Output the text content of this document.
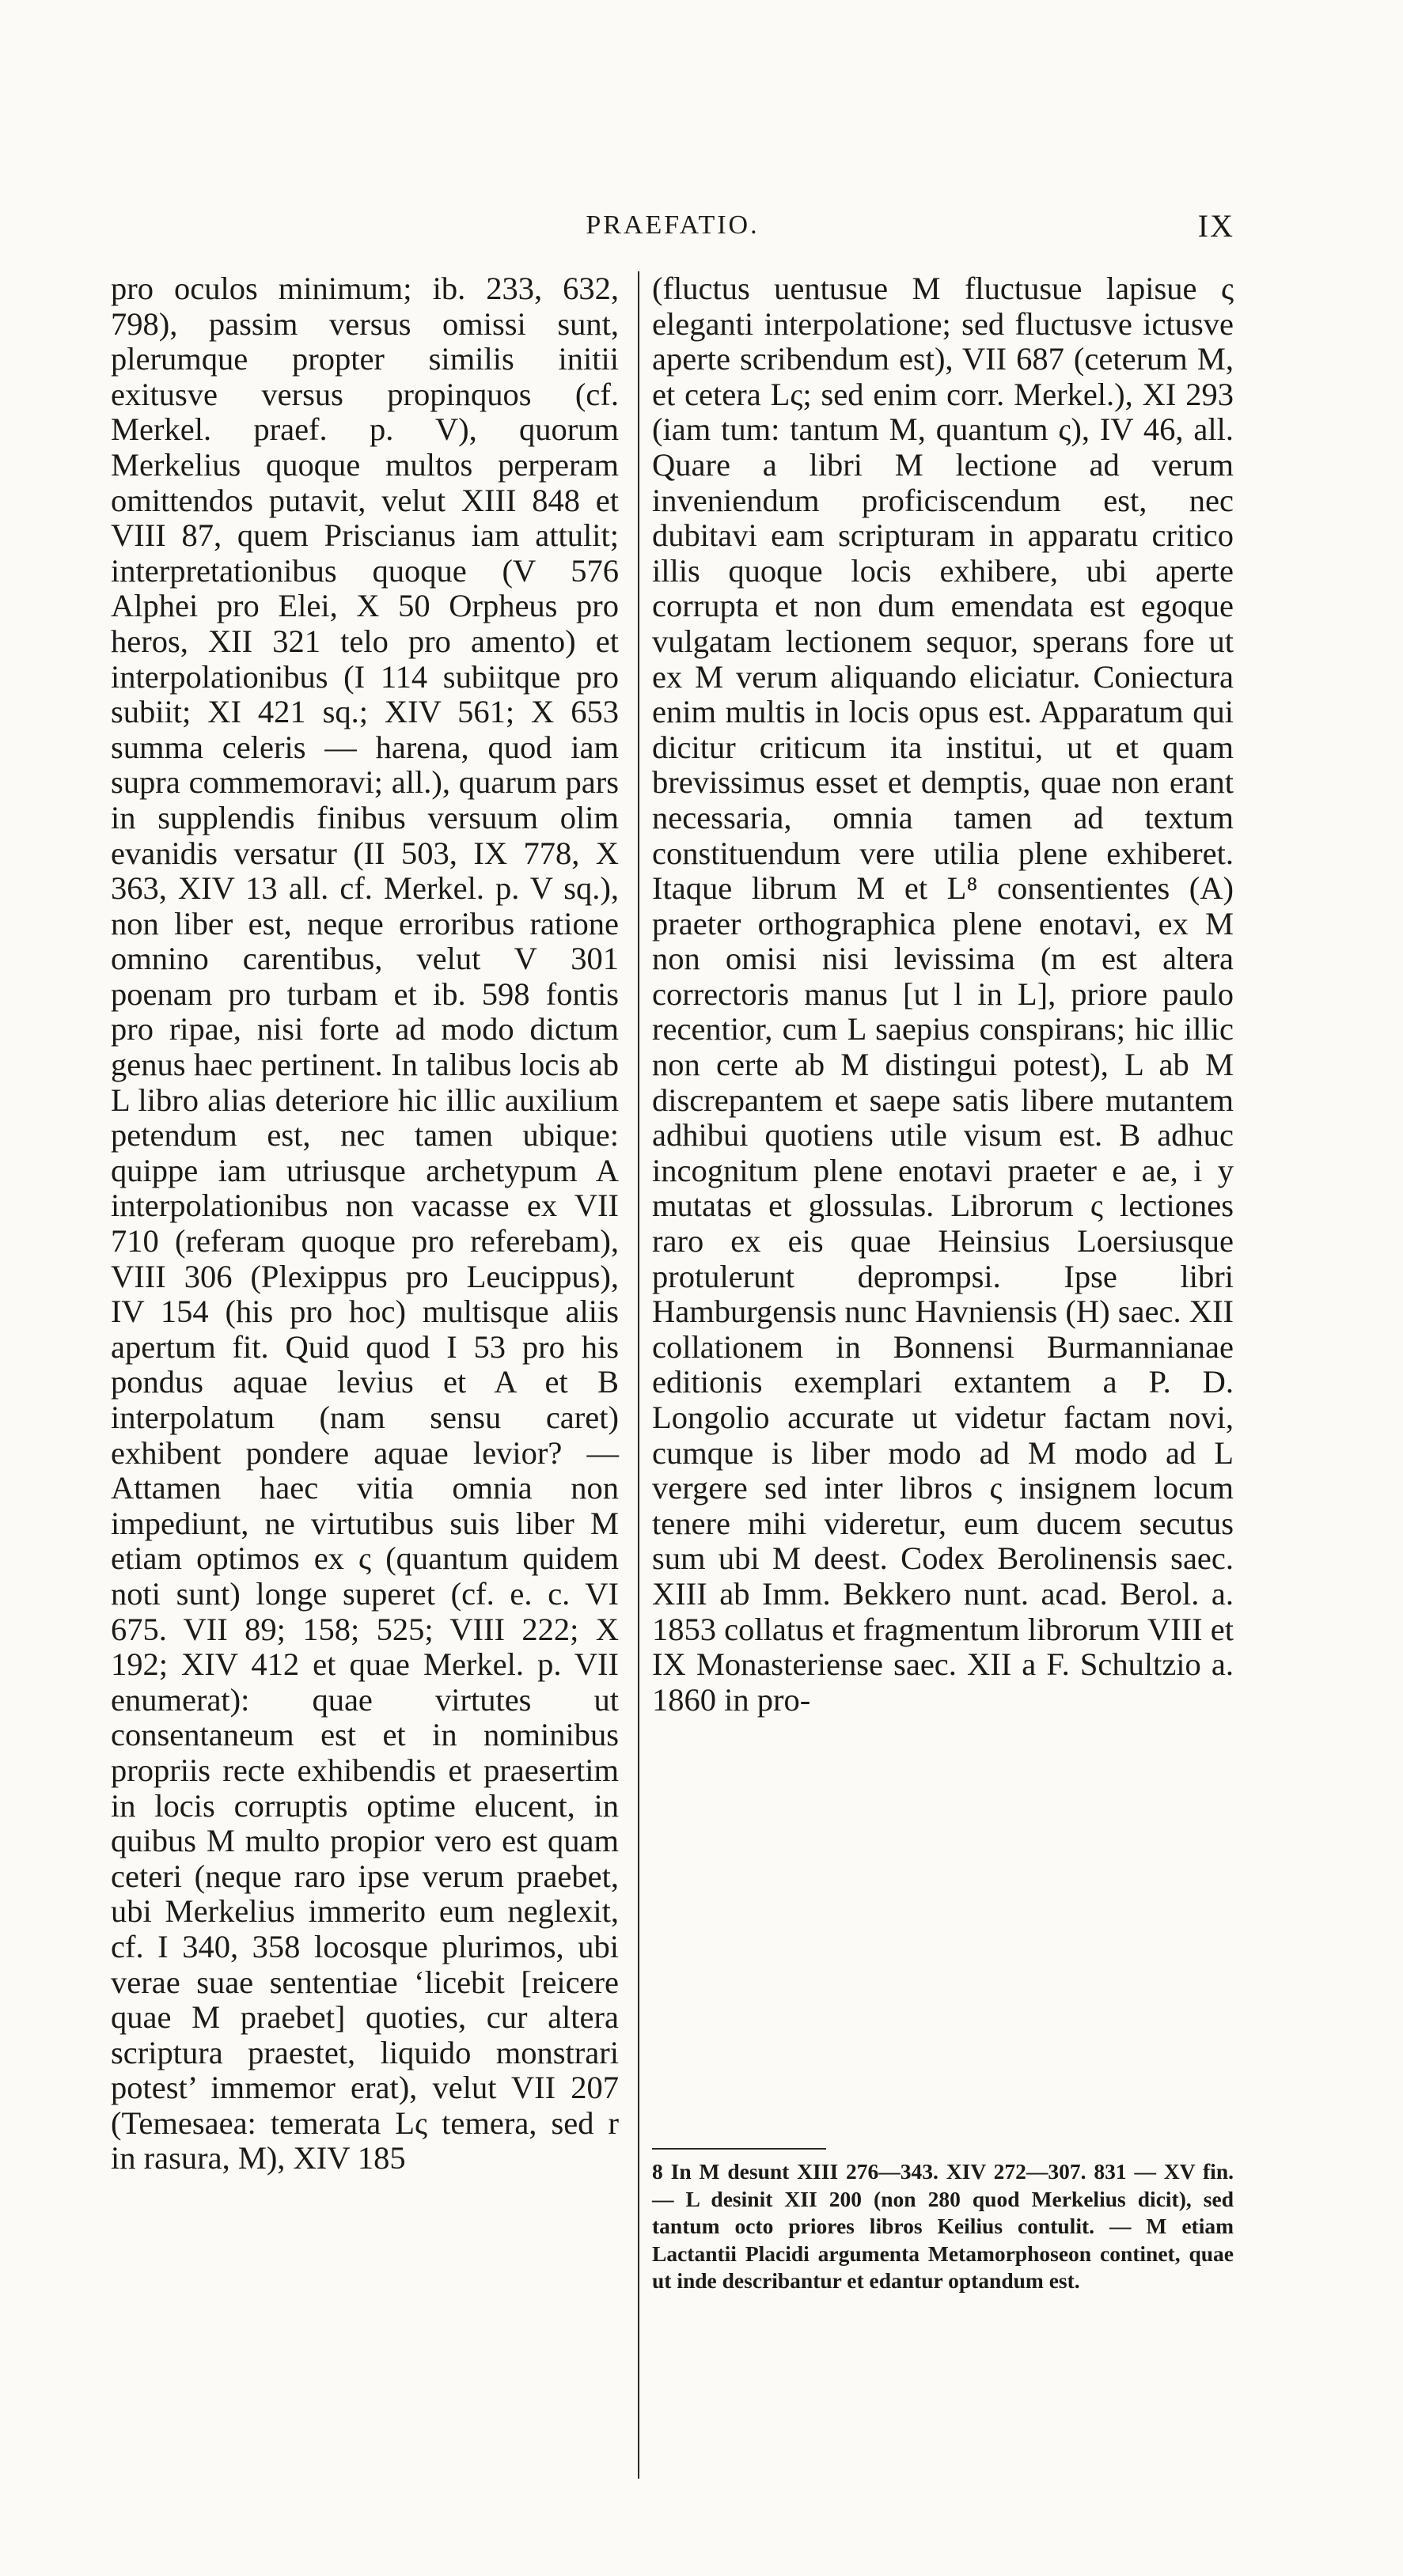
PRAEFATIO.	IX

pro oculos minimum; ib. 233, 632, 798), passim versus omissi sunt, plerumque propter similis initii exitusve versus propinquos (cf. Merkel. praef. p. V), quorum Merkelius quoque multos perperam omittendos putavit, velut XIII 848 et VIII 87, quem Priscianus iam attulit; interpretationibus quoque (V 576 Alphei pro Elei, X 50 Orpheus pro heros, XII 321 telo pro amento) et interpolationibus (I 114 subiitque pro subiit; XI 421 sq.; XIV 561; X 653 summa celeris — harena, quod iam supra commemoravi; all.), quarum pars in supplendis finibus versuum olim evanidis versatur (II 503, IX 778, X 363, XIV 13 all. cf. Merkel. p. V sq.), non liber est, neque erroribus ratione omnino carentibus, velut V 301 poenam pro turbam et ib. 598 fontis pro ripae, nisi forte ad modo dictum genus haec pertinent. In talibus locis ab L libro alias deteriore hic illic auxilium petendum est, nec tamen ubique: quippe iam utriusque archetypum A interpolationibus non vacasse ex VII 710 (referam quoque pro referebam), VIII 306 (Plexippus pro Leucippus), IV 154 (his pro hoc) multisque aliis apertum fit. Quid quod I 53 pro his pondus aquae levius et A et B interpolatum (nam sensu caret) exhibent pondere aquae levior? — Attamen haec vitia omnia non impediunt, ne virtutibus suis liber M etiam optimos ex ς (quantum quidem noti sunt) longe superet (cf. e. c. VI 675. VII 89; 158; 525; VIII 222; X 192; XIV 412 et quae Merkel. p. VII enumerat): quae virtutes ut consentaneum est et in nominibus propriis recte exhibendis et praesertim in locis corruptis optime elucent, in quibus M multo propior vero est quam ceteri (neque raro ipse verum praebet, ubi Merkelius immerito eum neglexit, cf. I 340, 358 locosque plurimos, ubi verae suae sententiae ‘licebit [reicere quae M praebet] quoties, cur altera scriptura praestet, liquido monstrari potest’ immemor erat), velut VII 207 (Temesaea: temerata Lς temera, sed r in rasura, M), XIV 185

(fluctus uentusue M fluctusue lapisue ς eleganti interpolatione; sed fluctusve ictusve aperte scribendum est), VII 687 (ceterum M, et cetera Lς; sed enim corr. Merkel.), XI 293 (iam tum: tantum M, quantum ς), IV 46, all. Quare a libri M lectione ad verum inveniendum proficiscendum est, nec dubitavi eam scripturam in apparatu critico illis quoque locis exhibere, ubi aperte corrupta et non dum emendata est egoque vulgatam lectionem sequor, sperans fore ut ex M verum aliquando eliciatur. Coniectura enim multis in locis opus est. Apparatum qui dicitur criticum ita institui, ut et quam brevissimus esset et demptis, quae non erant necessaria, omnia tamen ad textum constituendum vere utilia plene exhiberet. Itaque librum M et L⁸ consentientes (A) praeter orthographica plene enotavi, ex M non omisi nisi levissima (m est altera correctoris manus [ut l in L], priore paulo recentior, cum L saepius conspirans; hic illic non certe ab M distingui potest), L ab M discrepantem et saepe satis libere mutantem adhibui quotiens utile visum est. B adhuc incognitum plene enotavi praeter e ae, i y mutatas et glossulas. Librorum ς lectiones raro ex eis quae Heinsius Loersiusque protulerunt deprompsi. Ipse libri Hamburgensis nunc Havniensis (H) saec. XII collationem in Bonnensi Burmannianae editionis exemplari extantem a P. D. Longolio accurate ut videtur factam novi, cumque is liber modo ad M modo ad L vergere sed inter libros ς insignem locum tenere mihi videretur, eum ducem secutus sum ubi M deest. Codex Berolinensis saec. XIII ab Imm. Bekkero nunt. acad. Berol. a. 1853 collatus et fragmentum librorum VIII et IX Monasteriense saec. XII a F. Schultzio a. 1860 in pro-

8 In M desunt XIII 276—343. XIV 272—307. 831 — XV fin. — L desinit XII 200 (non 280 quod Merkelius dicit), sed tantum octo priores libros Keilius contulit. — M etiam Lactantii Placidi argumenta Metamorphoseon continet, quae ut inde describantur et edantur optandum est.
